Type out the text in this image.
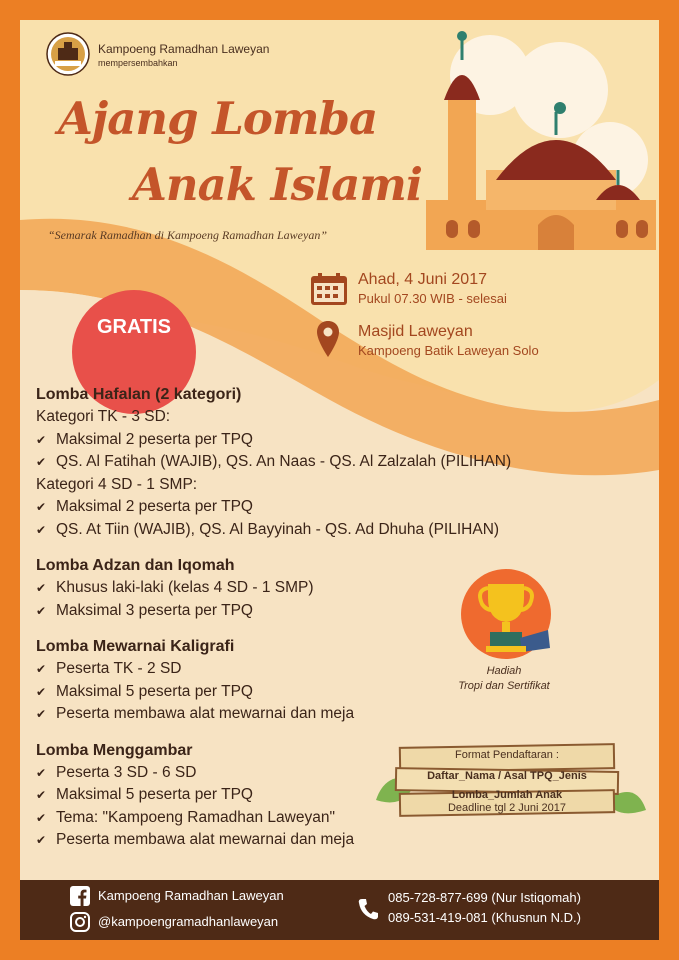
Kampoeng Ramadhan Laweyan
mempersembahkan
Ajang Lomba
Anak Islami
“Semarak Ramadhan di Kampoeng Ramadhan Laweyan”
GRATIS
Ahad, 4 Juni 2017
Pukul 07.30 WIB - selesai
Masjid Laweyan
Kampoeng Batik Laweyan Solo
Lomba Hafalan (2 kategori)
Kategori TK - 3 SD:
✔ Maksimal 2 peserta per TPQ
✔ QS. Al Fatihah (WAJIB), QS. An Naas - QS. Al Zalzalah (PILIHAN)
Kategori 4 SD - 1 SMP:
✔ Maksimal 2 peserta per TPQ
✔ QS. At Tiin (WAJIB), QS. Al Bayyinah - QS. Ad Dhuha (PILIHAN)
Lomba Adzan dan Iqomah
✔ Khusus laki-laki (kelas 4 SD - 1 SMP)
✔ Maksimal 3 peserta per TPQ
Lomba Mewarnai Kaligrafi
✔ Peserta TK - 2 SD
✔ Maksimal 5 peserta per TPQ
✔ Peserta membawa alat mewarnai dan meja
Lomba Menggambar
✔ Peserta 3 SD - 6 SD
✔ Maksimal 5 peserta per TPQ
✔ Tema: "Kampoeng Ramadhan Laweyan"
✔ Peserta membawa alat mewarnai dan meja
Hadiah
Tropi dan Sertifikat
Format Pendaftaran :
Daftar_Nama / Asal TPQ_Jenis
Lomba_Jumlah Anak
Deadline tgl 2 Juni 2017
Kampoeng Ramadhan Laweyan
@kampoengramadhanlaweyan
085-728-877-699 (Nur Istiqomah)
089-531-419-081 (Khusnun N.D.)
